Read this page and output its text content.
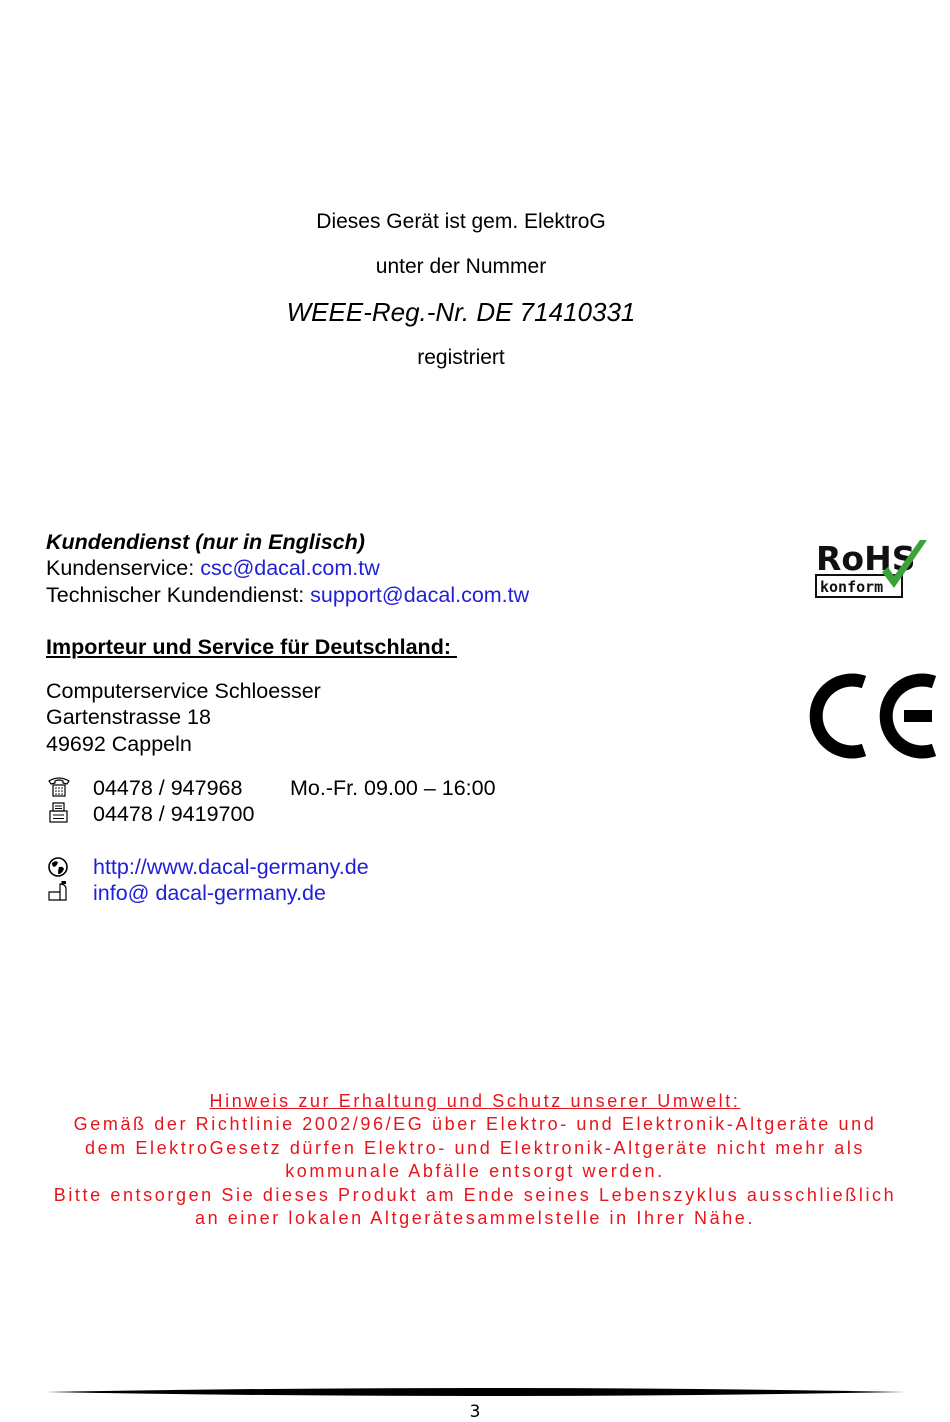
Dieses Gerät ist gem. ElektroG
unter der Nummer
WEEE-Reg.-Nr. DE 71410331
registriert
Kundendienst (nur in Englisch)
Kundenservice: csc@dacal.com.tw
Technischer Kundendienst: support@dacal.com.tw
Importeur und Service für Deutschland:
Computerservice Schloesser
Gartenstrasse 18
49692 Cappeln
04478 / 947968 Mo.-Fr. 09.00 – 16:00
04478 / 9419700
http://www.dacal-germany.de
info@ dacal-germany.de
RoHS
konform
Hinweis zur Erhaltung und Schutz unserer Umwelt:
Gemäß der Richtlinie 2002/96/EG über Elektro- und Elektronik-Altgeräte und
dem ElektroGesetz dürfen Elektro- und Elektronik-Altgeräte nicht mehr als
kommunale Abfälle entsorgt werden.
Bitte entsorgen Sie dieses Produkt am Ende seines Lebenszyklus ausschließlich
an einer lokalen Altgerätesammelstelle in Ihrer Nähe.
3
